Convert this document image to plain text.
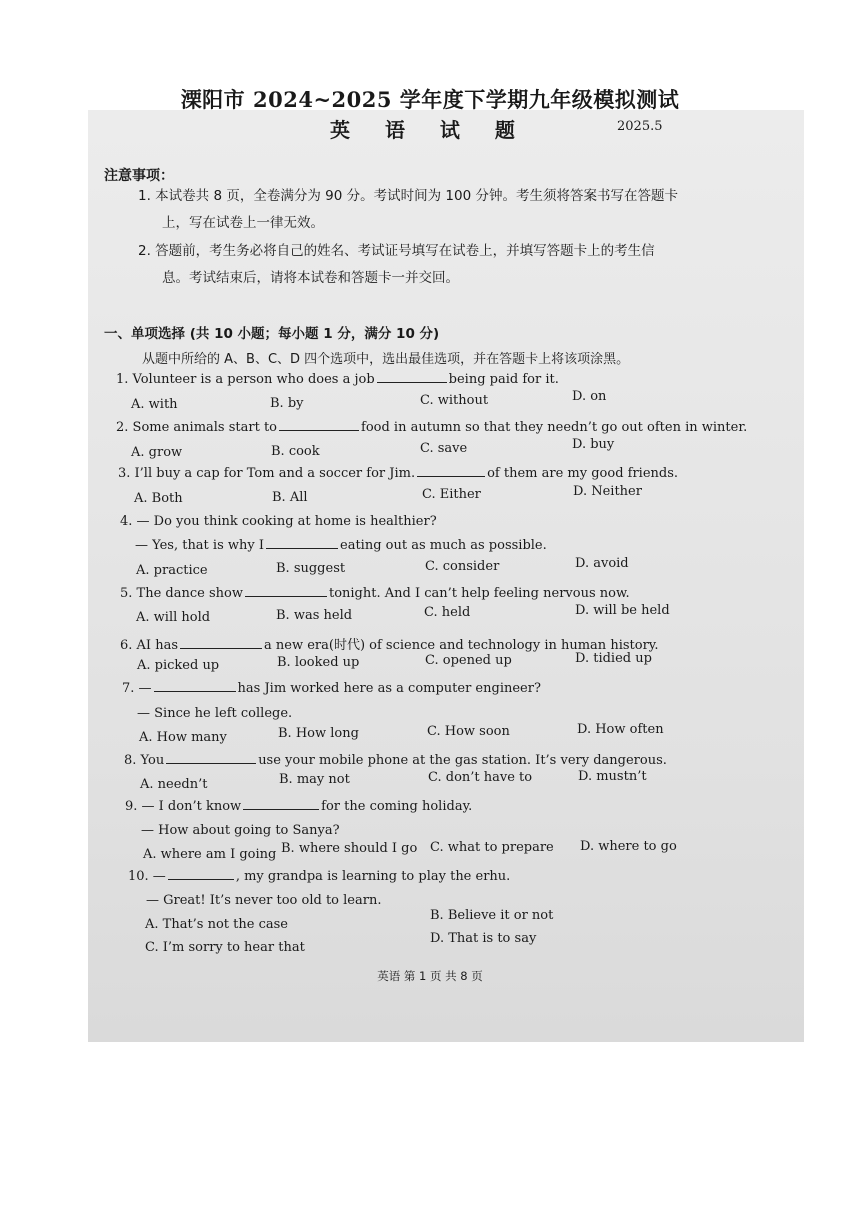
溧阳市 2024~2025 学年度下学期九年级模拟测试
英 语 试 题	2025.5
注意事项：
1. 本试卷共 8 页，全卷满分为 90 分。考试时间为 100 分钟。考生须将答案书写在答题卡
上，写在试卷上一律无效。
2. 答题前，考生务必将自己的姓名、考试证号填写在试卷上，并填写答题卡上的考生信
息。考试结束后，请将本试卷和答题卡一并交回。
一、单项选择 (共 10 小题；每小题 1 分，满分 10 分)
从题中所给的 A、B、C、D 四个选项中，选出最佳选项，并在答题卡上将该项涂黑。
1. Volunteer is a person who does a job	being paid for it.
A. with	B. by	C. without	D. on
2. Some animals start to	food in autumn so that they needn’t go out often in winter.
A. grow	B. cook	C. save	D. buy
3. I’ll buy a cap for Tom and a soccer for Jim.	of them are my good friends.
A. Both	B. All	C. Either	D. Neither
4. — Do you think cooking at home is healthier?
— Yes, that is why I	eating out as much as possible.
A. practice	B. suggest	C. consider	D. avoid
5. The dance show	tonight. And I can’t help feeling nervous now.
A. will hold	B. was held	C. held	D. will be held
6. AI has	a new era(时代) of science and technology in human history.
A. picked up	B. looked up	C. opened up	D. tidied up
7. —	has Jim worked here as a computer engineer?
— Since he left college.
A. How many	B. How long	C. How soon	D. How often
8. You	use your mobile phone at the gas station. It’s very dangerous.
A. needn’t	B. may not	C. don’t have to	D. mustn’t
9. — I don’t know	for the coming holiday.
— How about going to Sanya?
A. where am I going B. where should I go C. what to prepare D. where to go
10. —	, my grandpa is learning to play the erhu.
— Great! It’s never too old to learn.
A. That’s not the case
B. Believe it or not
C. I’m sorry to hear that
D. That is to say
英语 第 1 页 共 8 页
